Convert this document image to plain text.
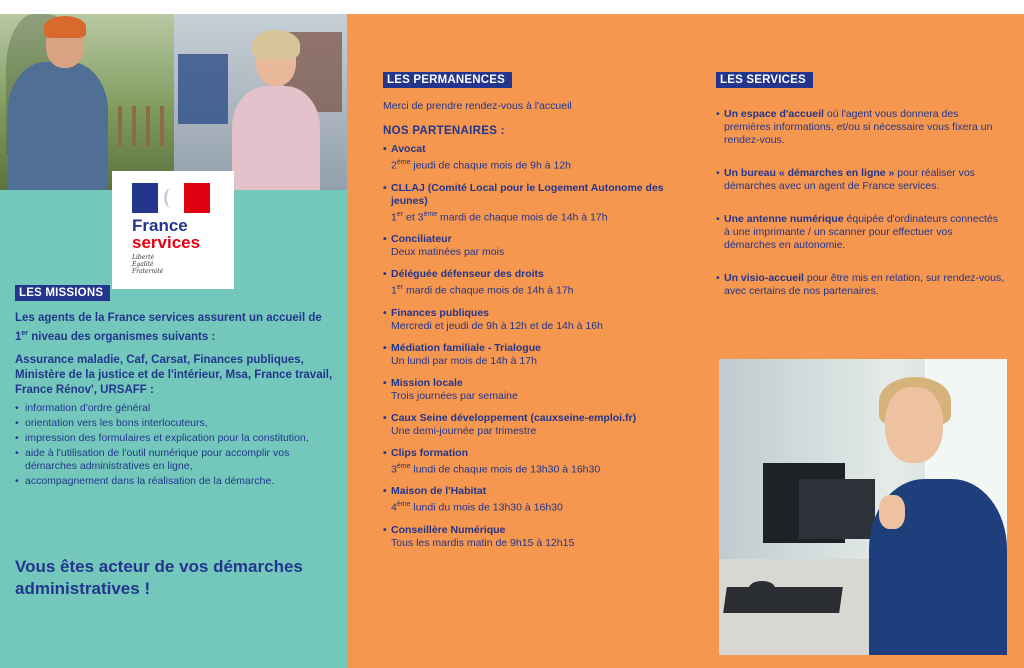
France
services
Liberté
Égalité
Fraternité
LES MISSIONS

Les agents de la France services assurent un accueil de 1er niveau des organismes suivants :

Assurance maladie, Caf, Carsat, Finances publiques, Ministère de la justice et de l'intérieur, Msa, France travail, France Rénov', URSAFF :

• information d'ordre général
• orientation vers les bons interlocuteurs,
• impression des formulaires et explication pour la constitution,
• aide à l'utilisation de l'outil numérique pour accomplir vos démarches administratives en ligne,
• accompagnement dans la réalisation de la démarche.
Vous êtes acteur de vos démarches administratives !
LES PERMANENCES

Merci de prendre rendez-vous à l'accueil

NOS PARTENAIRES :

• Avocat
2ème jeudi de chaque mois de 9h à 12h
• CLLAJ (Comité Local pour le Logement Autonome des jeunes)
1er et 3ème mardi de chaque mois de 14h à 17h
• Conciliateur
Deux matinées par mois
• Déléguée défenseur des droits
1er mardi de chaque mois de 14h à 17h
• Finances publiques
Mercredi et jeudi de 9h à 12h et de 14h à 16h
• Médiation familiale - Trialogue
Un lundi par mois de 14h à 17h
• Mission locale
Trois journées par semaine
• Caux Seine développement (cauxseine-emploi.fr)
Une demi-journée par trimestre
• Clips formation
3ème lundi de chaque mois de 13h30 à 16h30
• Maison de l'Habitat
4ème lundi du mois de 13h30 à 16h30
• Conseillère Numérique
Tous les mardis matin de 9h15 à 12h15
LES SERVICES
• Un espace d'accueil où l'agent vous donnera des premières informations, et/ou si nécessaire vous fixera un rendez-vous.
• Un bureau « démarches en ligne » pour réaliser vos démarches avec un agent de France services.
• Une antenne numérique équipée d'ordinateurs connectés à une imprimante / un scanner pour effectuer vos démarches en autonomie.
• Un visio-accueil pour être mis en relation, sur rendez-vous, avec certains de nos partenaires.
